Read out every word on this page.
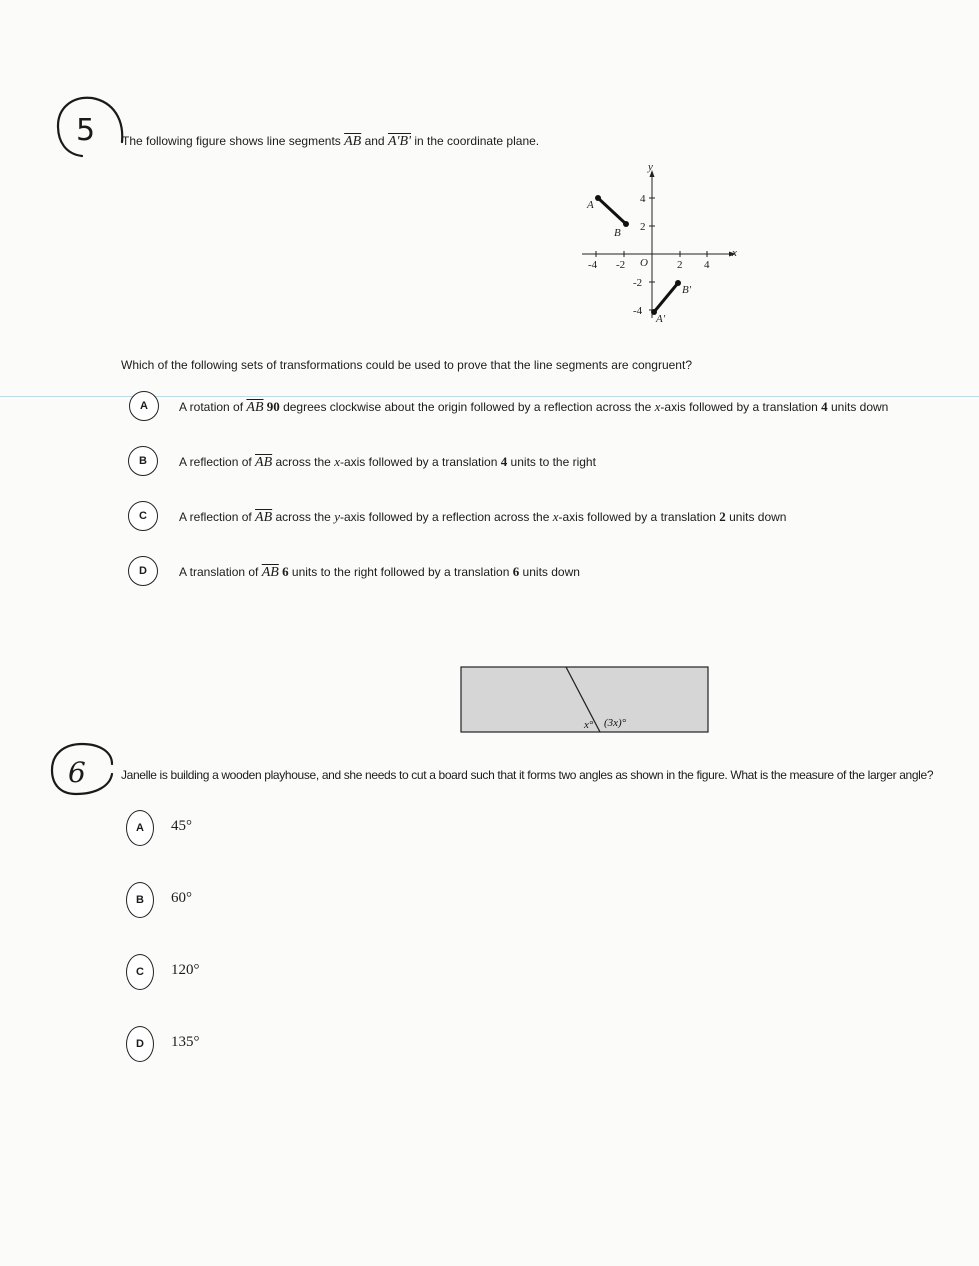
5 The following figure shows line segments $\overline{AB}$ and A'B' in the coordinate plane.
y
x
4
2
-2
-4
-4 -2	2 4
O
A
B
B'
A'
Which of the following sets of transformations could be used to prove that the line segments are congruent?
A	A rotation of $\overline{AB}$ 90 degrees clockwise about the origin followed by a reflection across the x-axis followed by a translation 4 units down
B	A reflection of $\overline{AB}$ across the x-axis followed by a translation 4 units to the right
C	A reflection of $\overline{AB}$ across the y-axis followed by a reflection across the x-axis followed by a translation 2 units down
D	A translation of $\overline{AB}$ 6 units to the right followed by a translation 6 units down
x° (3x)°
6	Janelle is building a wooden playhouse, and she needs to cut a board such that it forms two angles as shown in the figure. What is the measure of the larger angle?
A 45°
B 60°
C 120°
D 135°
